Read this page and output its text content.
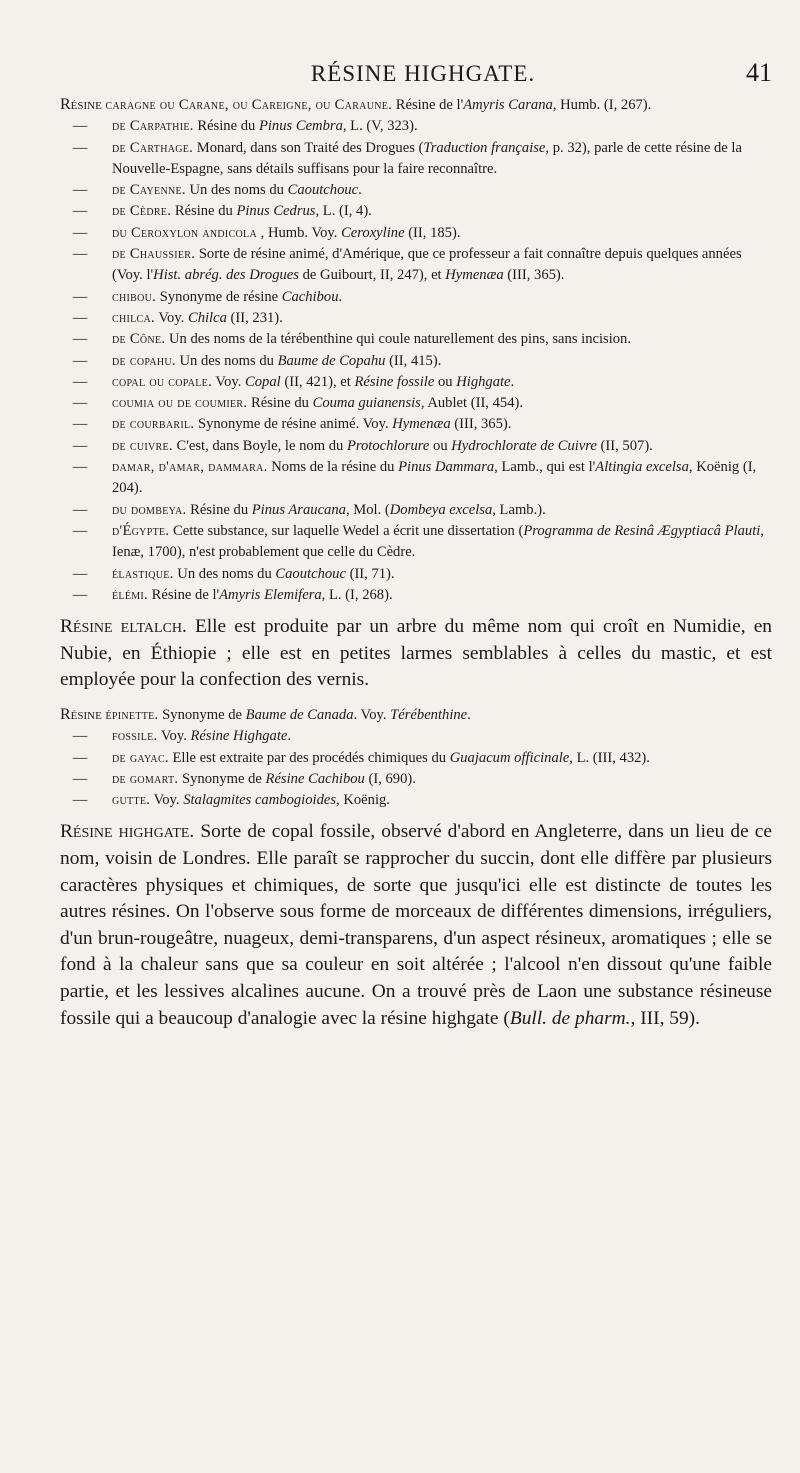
RÉSINE HIGHGATE.	41
Résine caragne ou Carane, ou Careigne, ou Caraune. Résine de l'Amyris Carana, Humb. (I, 267).
—	de Carpathie. Résine du Pinus Cembra, L. (V, 323).
—	de Carthage. Monard, dans son Traité des Drogues (Traduction française, p. 32), parle de cette résine de la Nouvelle-Espagne, sans détails suffisans pour la faire reconnaître.
—	de Cayenne. Un des noms du Caoutchouc.
—	de Cèdre. Résine du Pinus Cedrus, L. (I, 4).
—	du Ceroxylon andicola , Humb. Voy. Ceroxyline (II, 185).
—	de Chaussier. Sorte de résine animé, d'Amérique, que ce professeur a fait connaître depuis quelques années (Voy. l'Hist. abrég. des Drogues de Guibourt, II, 247), et Hymenæa (III, 365).
—	chibou. Synonyme de résine Cachibou.
—	chilca. Voy. Chilca (II, 231).
—	de Cône. Un des noms de la térébenthine qui coule naturellement des pins, sans incision.
—	de copahu. Un des noms du Baume de Copahu (II, 415).
—	copal ou copale. Voy. Copal (II, 421), et Résine fossile ou Highgate.
—	coumia ou de coumier. Résine du Couma guianensis, Aublet (II, 454).
—	de courbaril. Synonyme de résine animé. Voy. Hymenæa (III, 365).
—	de cuivre. C'est, dans Boyle, le nom du Protochlorure ou Hydrochlorate de Cuivre (II, 507).
—	damar, d'amar, dammara. Noms de la résine du Pinus Dammara, Lamb., qui est l'Altingia excelsa, Koënig (I, 204).
—	du dombeya. Résine du Pinus Araucana, Mol. (Dombeya excelsa, Lamb.).
—	d'Égypte. Cette substance, sur laquelle Wedel a écrit une dissertation (Programma de Resinâ Ægyptiacâ Plauti, Ienæ, 1700), n'est probablement que celle du Cèdre.
—	élastique. Un des noms du Caoutchouc (II, 71).
—	élémi. Résine de l'Amyris Elemifera, L. (I, 268).

Résine eltalch. Elle est produite par un arbre du même nom qui croît en Numidie, en Nubie, en Éthiopie ; elle est en petites larmes semblables à celles du mastic, et est employée pour la confection des vernis.

Résine épinette. Synonyme de Baume de Canada. Voy. Térébenthine.
—	fossile. Voy. Résine Highgate.
—	de gayac. Elle est extraite par des procédés chimiques du Guajacum officinale, L. (III, 432).
—	de gomart. Synonyme de Résine Cachibou (I, 690).
—	gutte. Voy. Stalagmites cambogioides, Koënig.

Résine highgate. Sorte de copal fossile, observé d'abord en Angleterre, dans un lieu de ce nom, voisin de Londres. Elle paraît se rapprocher du succin, dont elle diffère par plusieurs caractères physiques et chimiques, de sorte que jusqu'ici elle est distincte de toutes les autres résines. On l'observe sous forme de morceaux de différentes dimensions, irréguliers, d'un brun-rougeâtre, nuageux, demi-transparens, d'un aspect résineux, aromatiques ; elle se fond à la chaleur sans que sa couleur en soit altérée ; l'alcool n'en dissout qu'une faible partie, et les lessives alcalines aucune. On a trouvé près de Laon une substance résineuse fossile qui a beaucoup d'analogie avec la résine highgate (Bull. de pharm., III, 59).
